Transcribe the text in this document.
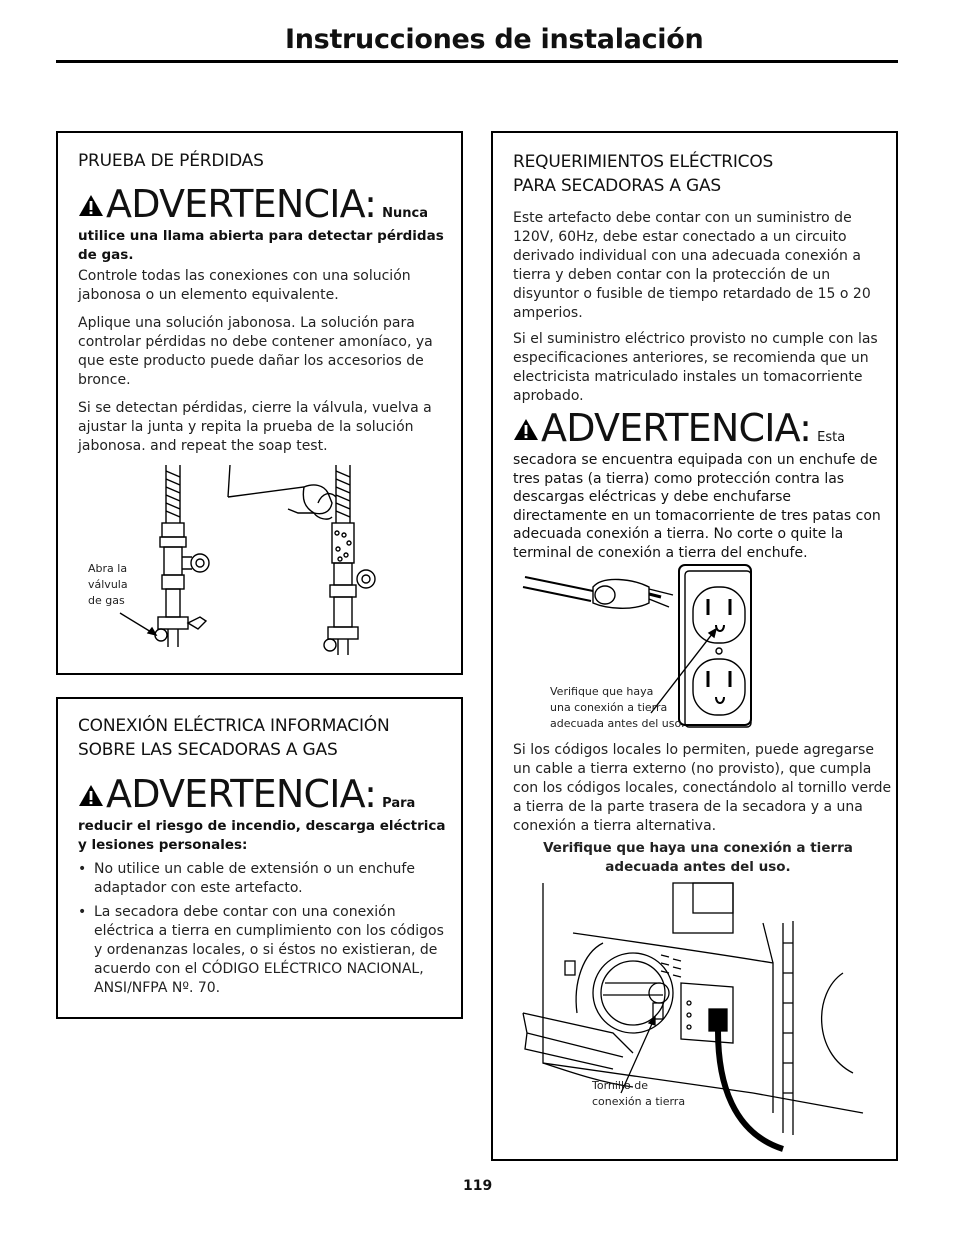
Instrucciones de instalación
PRUEBA DE PÉRDIDAS
ADVERTENCIA: Nunca
utilice una llama abierta para detectar pérdidas de gas.
Controle todas las conexiones con una solución jabonosa o un elemento equivalente.
Aplique una solución jabonosa. La solución para controlar pérdidas no debe contener amoníaco, ya que este producto puede dañar los accesorios de bronce.
Si se detectan pérdidas, cierre la válvula, vuelva a ajustar la junta y repita la prueba de la solución jabonosa. and repeat the soap test.
Abra la
válvula
de gas
CONEXIÓN ELÉCTRICA INFORMACIÓN
SOBRE LAS SECADORAS A GAS
ADVERTENCIA: Para
reducir el riesgo de incendio, descarga eléctrica y lesiones personales:
• No utilice un cable de extensión o un enchufe adaptador con este artefacto.
• La secadora debe contar con una conexión eléctrica a tierra en cumplimiento con los códigos y ordenanzas locales, o si éstos no existieran, de acuerdo con el CÓDIGO ELÉCTRICO NACIONAL, ANSI/NFPA Nº. 70.
REQUERIMIENTOS ELÉCTRICOS
PARA SECADORAS A GAS
Este artefacto debe contar con un suministro de 120V, 60Hz, debe estar conectado a un circuito derivado individual con una adecuada conexión a tierra y deben contar con la protección de un disyuntor o fusible de tiempo retardado de 15 o 20 amperios.
Si el suministro eléctrico provisto no cumple con las especificaciones anteriores, se recomienda que un electricista matriculado instales un tomacorriente aprobado.
ADVERTENCIA: Esta
secadora se encuentra equipada con un enchufe de tres patas (a tierra) como protección contra las descargas eléctricas y debe enchufarse directamente en un tomacorriente de tres patas con adecuada conexión a tierra. No corte o quite la terminal de conexión a tierra del enchufe.
Verifique que haya
una conexión a tierra
adecuada antes del uso.
Si los códigos locales lo permiten, puede agregarse un cable a tierra externo (no provisto), que cumpla con los códigos locales, conectándolo al tornillo verde a tierra de la parte trasera de la secadora y a una conexión a tierra alternativa.
Verifique que haya una conexión a tierra
adecuada antes del uso.
Tornillo de
conexión a tierra
119
